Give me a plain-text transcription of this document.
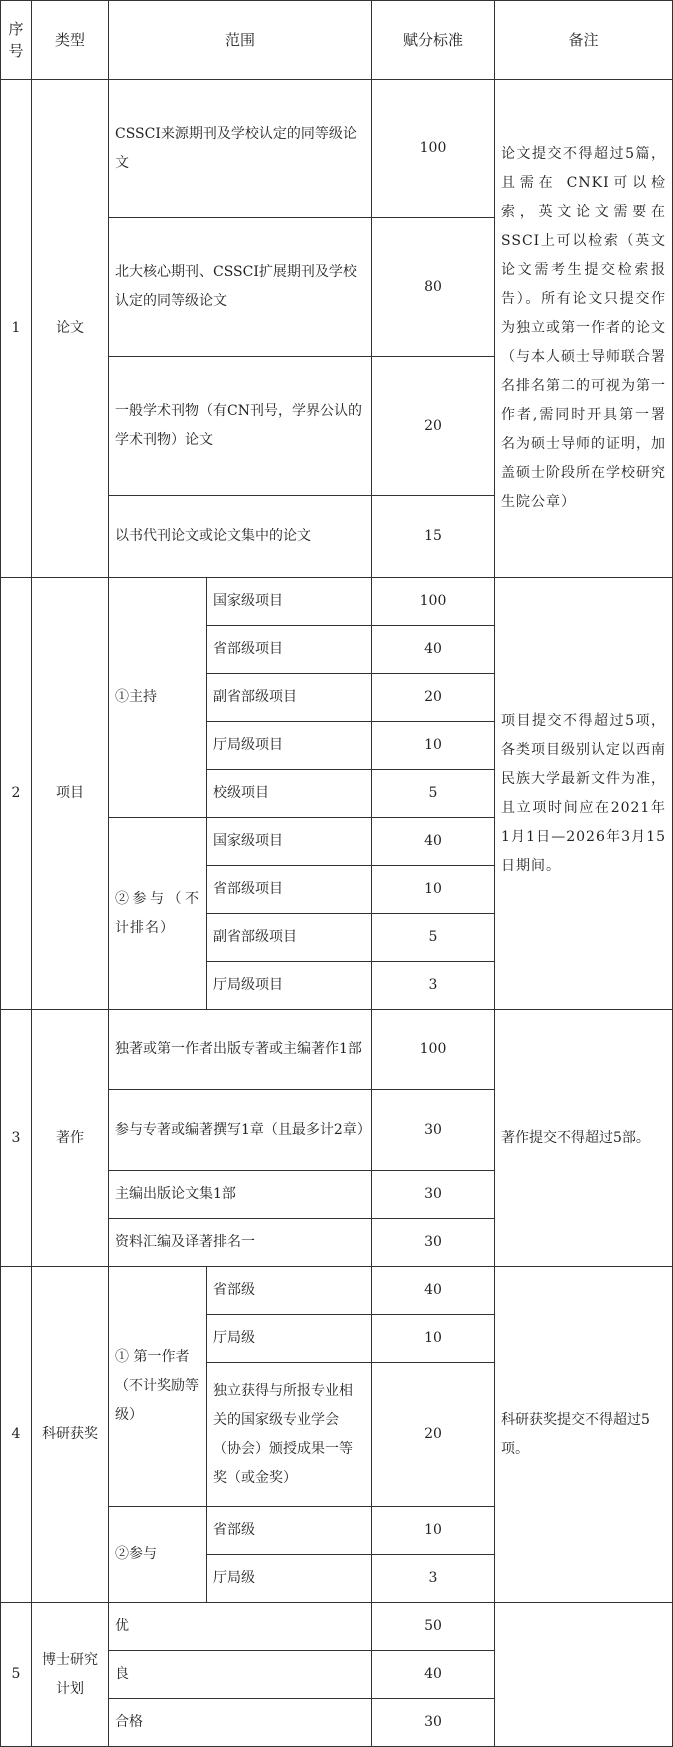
序号	类型	范围		赋分标准	备注
1	论文	CSSCI来源期刊及学校认定的同等级论文		100	论文提交不得超过5篇，且需在 CNKI可以检索，英文论文需要在SSCI上可以检索（英文论文需考生提交检索报告）。所有论文只提交作为独立或第一作者的论文（与本人硕士导师联合署名排名第二的可视为第一作者,需同时开具第一署名为硕士导师的证明，加盖硕士阶段所在学校研究生院公章）
		北大核心期刊、CSSCI扩展期刊及学校认定的同等级论文		80	
		一般学术刊物（有CN刊号，学界公认的学术刊物）论文		20	
		以书代刊论文或论文集中的论文		15	
2	项目	①主持	国家级项目	100	项目提交不得超过5项，各类项目级别认定以西南民族大学最新文件为准，且立项时间应在2021年1月1日—2026年3月15日期间。
			省部级项目	40	
			副省部级项目	20	
			厅局级项目	10	
			校级项目	5	
		②参与（不计排名）	国家级项目	40	
			省部级项目	10	
			副省部级项目	5	
			厅局级项目	3	
3	著作	独著或第一作者出版专著或主编著作1部		100	著作提交不得超过5部。
		参与专著或编著撰写1章（且最多计2章）		30	
		主编出版论文集1部		30	
		资料汇编及译著排名一		30	
4	科研获奖	① 第一作者（不计奖励等级）	省部级	40	科研获奖提交不得超过5项。
			厅局级	10	
			独立获得与所报专业相关的国家级专业学会（协会）颁授成果一等奖（或金奖）	20	
		②参与	省部级	10	
			厅局级	3	
5	博士研究计划	优		50	
		良		40	
		合格		30	
